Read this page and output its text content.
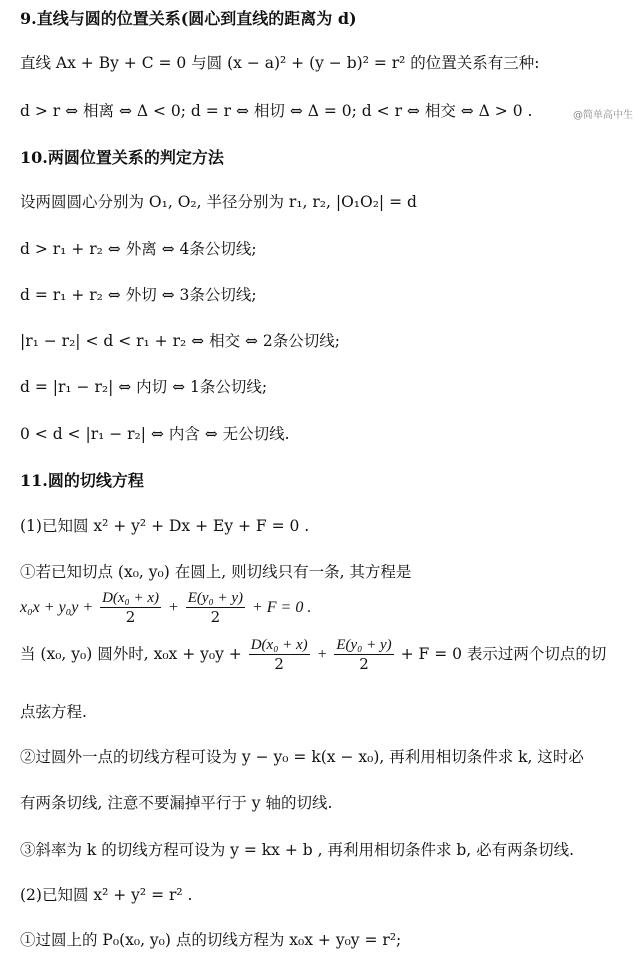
9.直线与圆的位置关系(圆心到直线的距离为 d)
直线 Ax + By + C = 0 与圆 (x − a)² + (y − b)² = r² 的位置关系有三种:
d > r ⇔ 相离 ⇔ Δ < 0; d = r ⇔ 相切 ⇔ Δ = 0; d < r ⇔ 相交 ⇔ Δ > 0 .	@简单高中生
10.两圆位置关系的判定方法
设两圆圆心分别为 O₁, O₂, 半径分别为 r₁, r₂, |O₁O₂| = d
d > r₁ + r₂ ⇔ 外离 ⇔ 4条公切线;
d = r₁ + r₂ ⇔ 外切 ⇔ 3条公切线;
|r₁ − r₂| < d < r₁ + r₂ ⇔ 相交 ⇔ 2条公切线;
d = |r₁ − r₂| ⇔ 内切 ⇔ 1条公切线;
0 < d < |r₁ − r₂| ⇔ 内含 ⇔ 无公切线.
11.圆的切线方程
(1)已知圆 x² + y² + Dx + Ey + F = 0 .
①若已知切点 (x₀, y₀) 在圆上, 则切线只有一条, 其方程是
$x_0x + y_0y + \frac{\text{D(x₀ + x)}}{2} + \frac{\text{E(y₀ + y)}}{2} + F = 0$ .
当 (x₀, y₀) 圆外时, $x_0x + y_0y + \frac{\text{D(x₀ + x)}}{2} + \frac{\text{E(y₀ + y)}}{2} + F = 0$ 表示过两个切点的切
点弦方程.
②过圆外一点的切线方程可设为 y − y₀ = k(x − x₀), 再利用相切条件求 k, 这时必
有两条切线, 注意不要漏掉平行于 y 轴的切线.
③斜率为 k 的切线方程可设为 y = kx + b , 再利用相切条件求 b, 必有两条切线.
(2)已知圆 x² + y² = r² .
①过圆上的 P₀(x₀, y₀) 点的切线方程为 x₀x + y₀y = r²;
